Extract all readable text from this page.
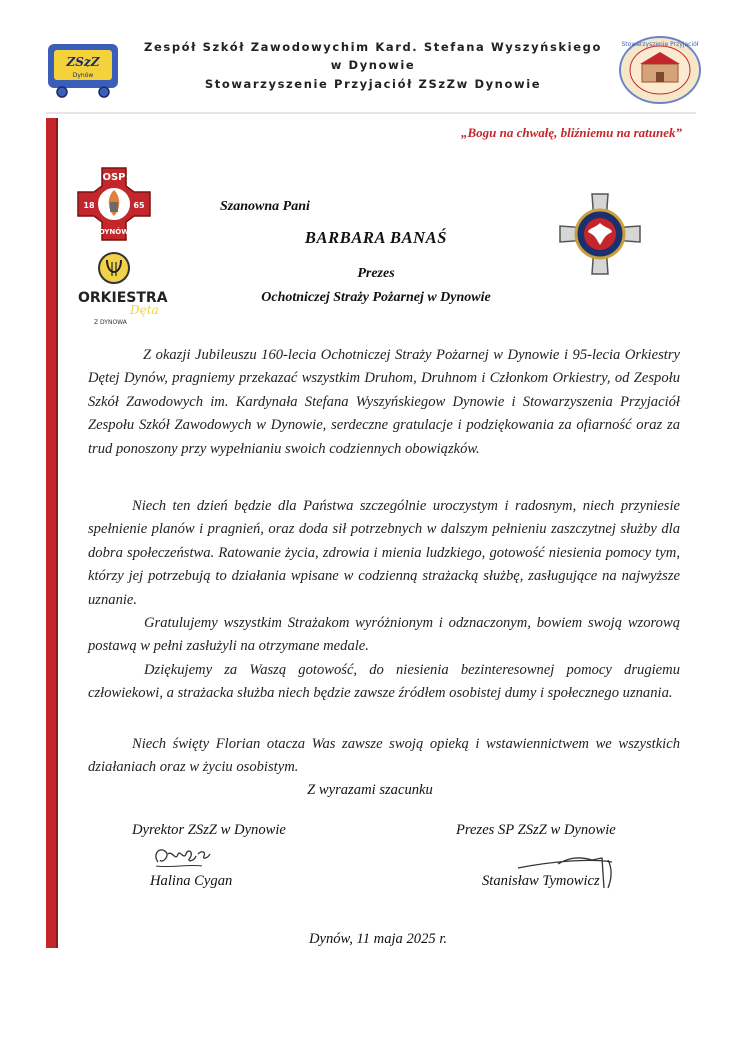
ZSzZ
Dynów
Zespół Szkół Zawodowychim Kard. Stefana Wyszyńskiego
w Dynowie
Stowarzyszenie Przyjaciół ZSzZw Dynowie
Stowarzyszenie Przyjaciół
„Bogu na chwałę, bliźniemu na ratunek”
OSP
18	65
DYNÓW
ORKIESTRA
Dęta
Z DYNOWA
Szanowna Pani
BARBARA BANAŚ
Prezes
Ochotniczej Straży Pożarnej w Dynowie
Z okazji Jubileuszu 160-lecia Ochotniczej Straży Pożarnej w Dynowie i 95-lecia Orkiestry Dętej Dynów, pragniemy przekazać wszystkim Druhom, Druhnom i Członkom Orkiestry, od Zespołu Szkół Zawodowych im. Kardynała Stefana Wyszyńskiegow Dynowie i Stowarzyszenia Przyjaciół Zespołu Szkół Zawodowych w Dynowie, serdeczne gratulacje i podziękowania za ofiarność oraz za trud ponoszony przy wypełnianiu swoich codziennych obowiązków.
Niech ten dzień będzie dla Państwa szczególnie uroczystym i radosnym, niech przyniesie spełnienie planów i pragnień, oraz doda sił potrzebnych w dalszym pełnieniu zaszczytnej służby dla dobra społeczeństwa. Ratowanie życia, zdrowia i mienia ludzkiego, gotowość niesienia pomocy tym, którzy jej potrzebują to działania wpisane w codzienną strażacką służbę, zasługujące na najwyższe uznanie.
Gratulujemy wszystkim Strażakom wyróżnionym i odznaczonym, bowiem swoją wzorową postawą w pełni zasłużyli na otrzymane medale.
Dziękujemy za Waszą gotowość, do niesienia bezinteresownej pomocy drugiemu człowiekowi, a strażacka służba niech będzie zawsze źródłem osobistej dumy i społecznego uznania.
Niech święty Florian otacza Was zawsze swoją opieką i wstawiennictwem we wszystkich działaniach oraz w życiu osobistym.
Z wyrazami szacunku
Dyrektor ZSzZ w Dynowie
Halina Cygan
Prezes SP ZSzZ w Dynowie
Stanisław Tymowicz
Dynów, 11 maja 2025 r.
